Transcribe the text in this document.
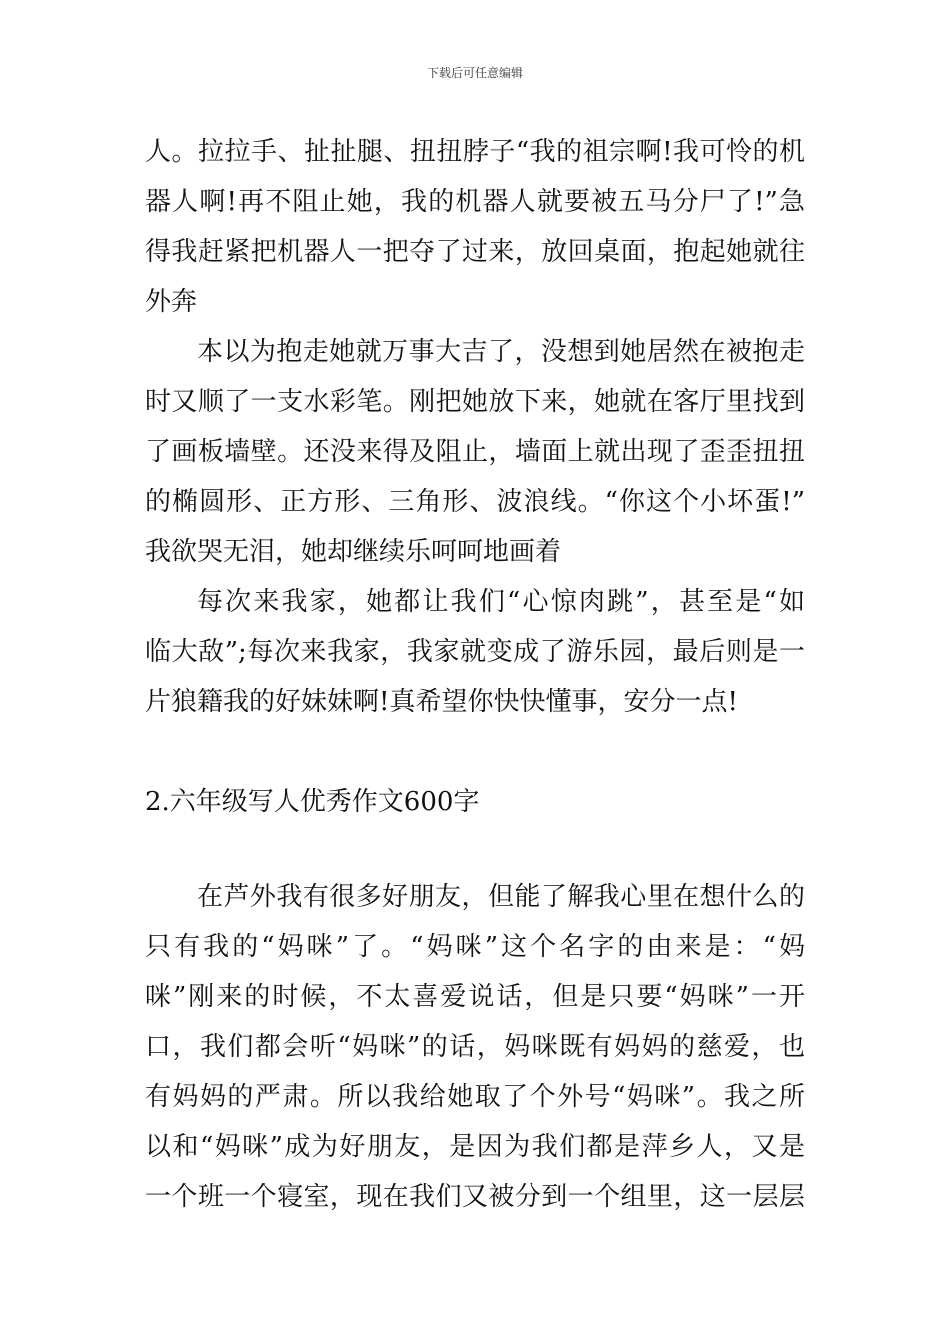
下载后可任意编辑
人。拉拉手、扯扯腿、扭扭脖子“我的祖宗啊!我可怜的机
器人啊!再不阻止她，我的机器人就要被五马分尸了!”急
得我赶紧把机器人一把夺了过来，放回桌面，抱起她就往
外奔
本以为抱走她就万事大吉了，没想到她居然在被抱走
时又顺了一支水彩笔。刚把她放下来，她就在客厅里找到
了画板墙壁。还没来得及阻止，墙面上就出现了歪歪扭扭
的椭圆形、正方形、三角形、波浪线。“你这个小坏蛋!”
我欲哭无泪，她却继续乐呵呵地画着
每次来我家，她都让我们“心惊肉跳”，甚至是“如
临大敌”;每次来我家，我家就变成了游乐园，最后则是一
片狼籍我的好妹妹啊!真希望你快快懂事，安分一点!
2.六年级写人优秀作文600字
在芦外我有很多好朋友，但能了解我心里在想什么的
只有我的“妈咪”了。“妈咪”这个名字的由来是：“妈
咪”刚来的时候，不太喜爱说话，但是只要“妈咪”一开
口，我们都会听“妈咪”的话，妈咪既有妈妈的慈爱，也
有妈妈的严肃。所以我给她取了个外号“妈咪”。我之所
以和“妈咪”成为好朋友，是因为我们都是萍乡人，又是
一个班一个寝室，现在我们又被分到一个组里，这一层层
